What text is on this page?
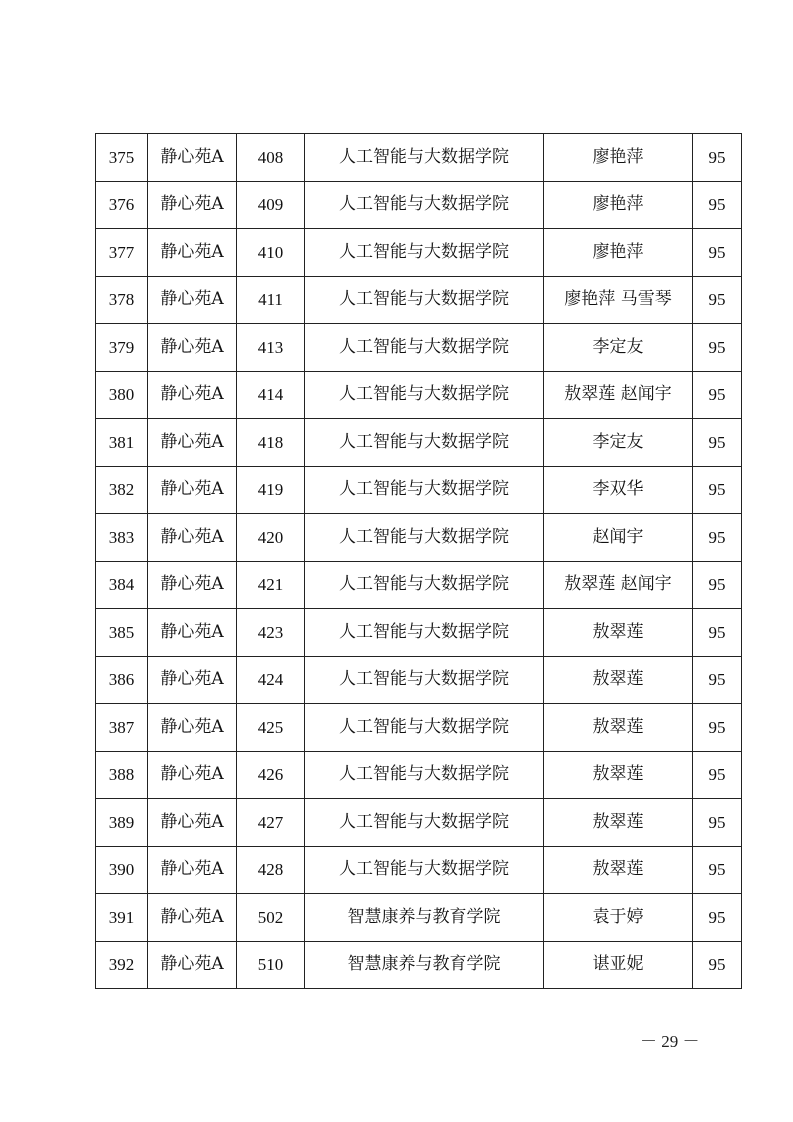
375	静心苑A	408	人工智能与大数据学院	廖艳萍	95
376	静心苑A	409	人工智能与大数据学院	廖艳萍	95
377	静心苑A	410	人工智能与大数据学院	廖艳萍	95
378	静心苑A	411	人工智能与大数据学院	廖艳萍 马雪琴	95
379	静心苑A	413	人工智能与大数据学院	李定友	95
380	静心苑A	414	人工智能与大数据学院	敖翠莲 赵闻宇	95
381	静心苑A	418	人工智能与大数据学院	李定友	95
382	静心苑A	419	人工智能与大数据学院	李双华	95
383	静心苑A	420	人工智能与大数据学院	赵闻宇	95
384	静心苑A	421	人工智能与大数据学院	敖翠莲 赵闻宇	95
385	静心苑A	423	人工智能与大数据学院	敖翠莲	95
386	静心苑A	424	人工智能与大数据学院	敖翠莲	95
387	静心苑A	425	人工智能与大数据学院	敖翠莲	95
388	静心苑A	426	人工智能与大数据学院	敖翠莲	95
389	静心苑A	427	人工智能与大数据学院	敖翠莲	95
390	静心苑A	428	人工智能与大数据学院	敖翠莲	95
391	静心苑A	502	智慧康养与教育学院	袁于婷	95
392	静心苑A	510	智慧康养与教育学院	谌亚妮	95
－ 29 －
